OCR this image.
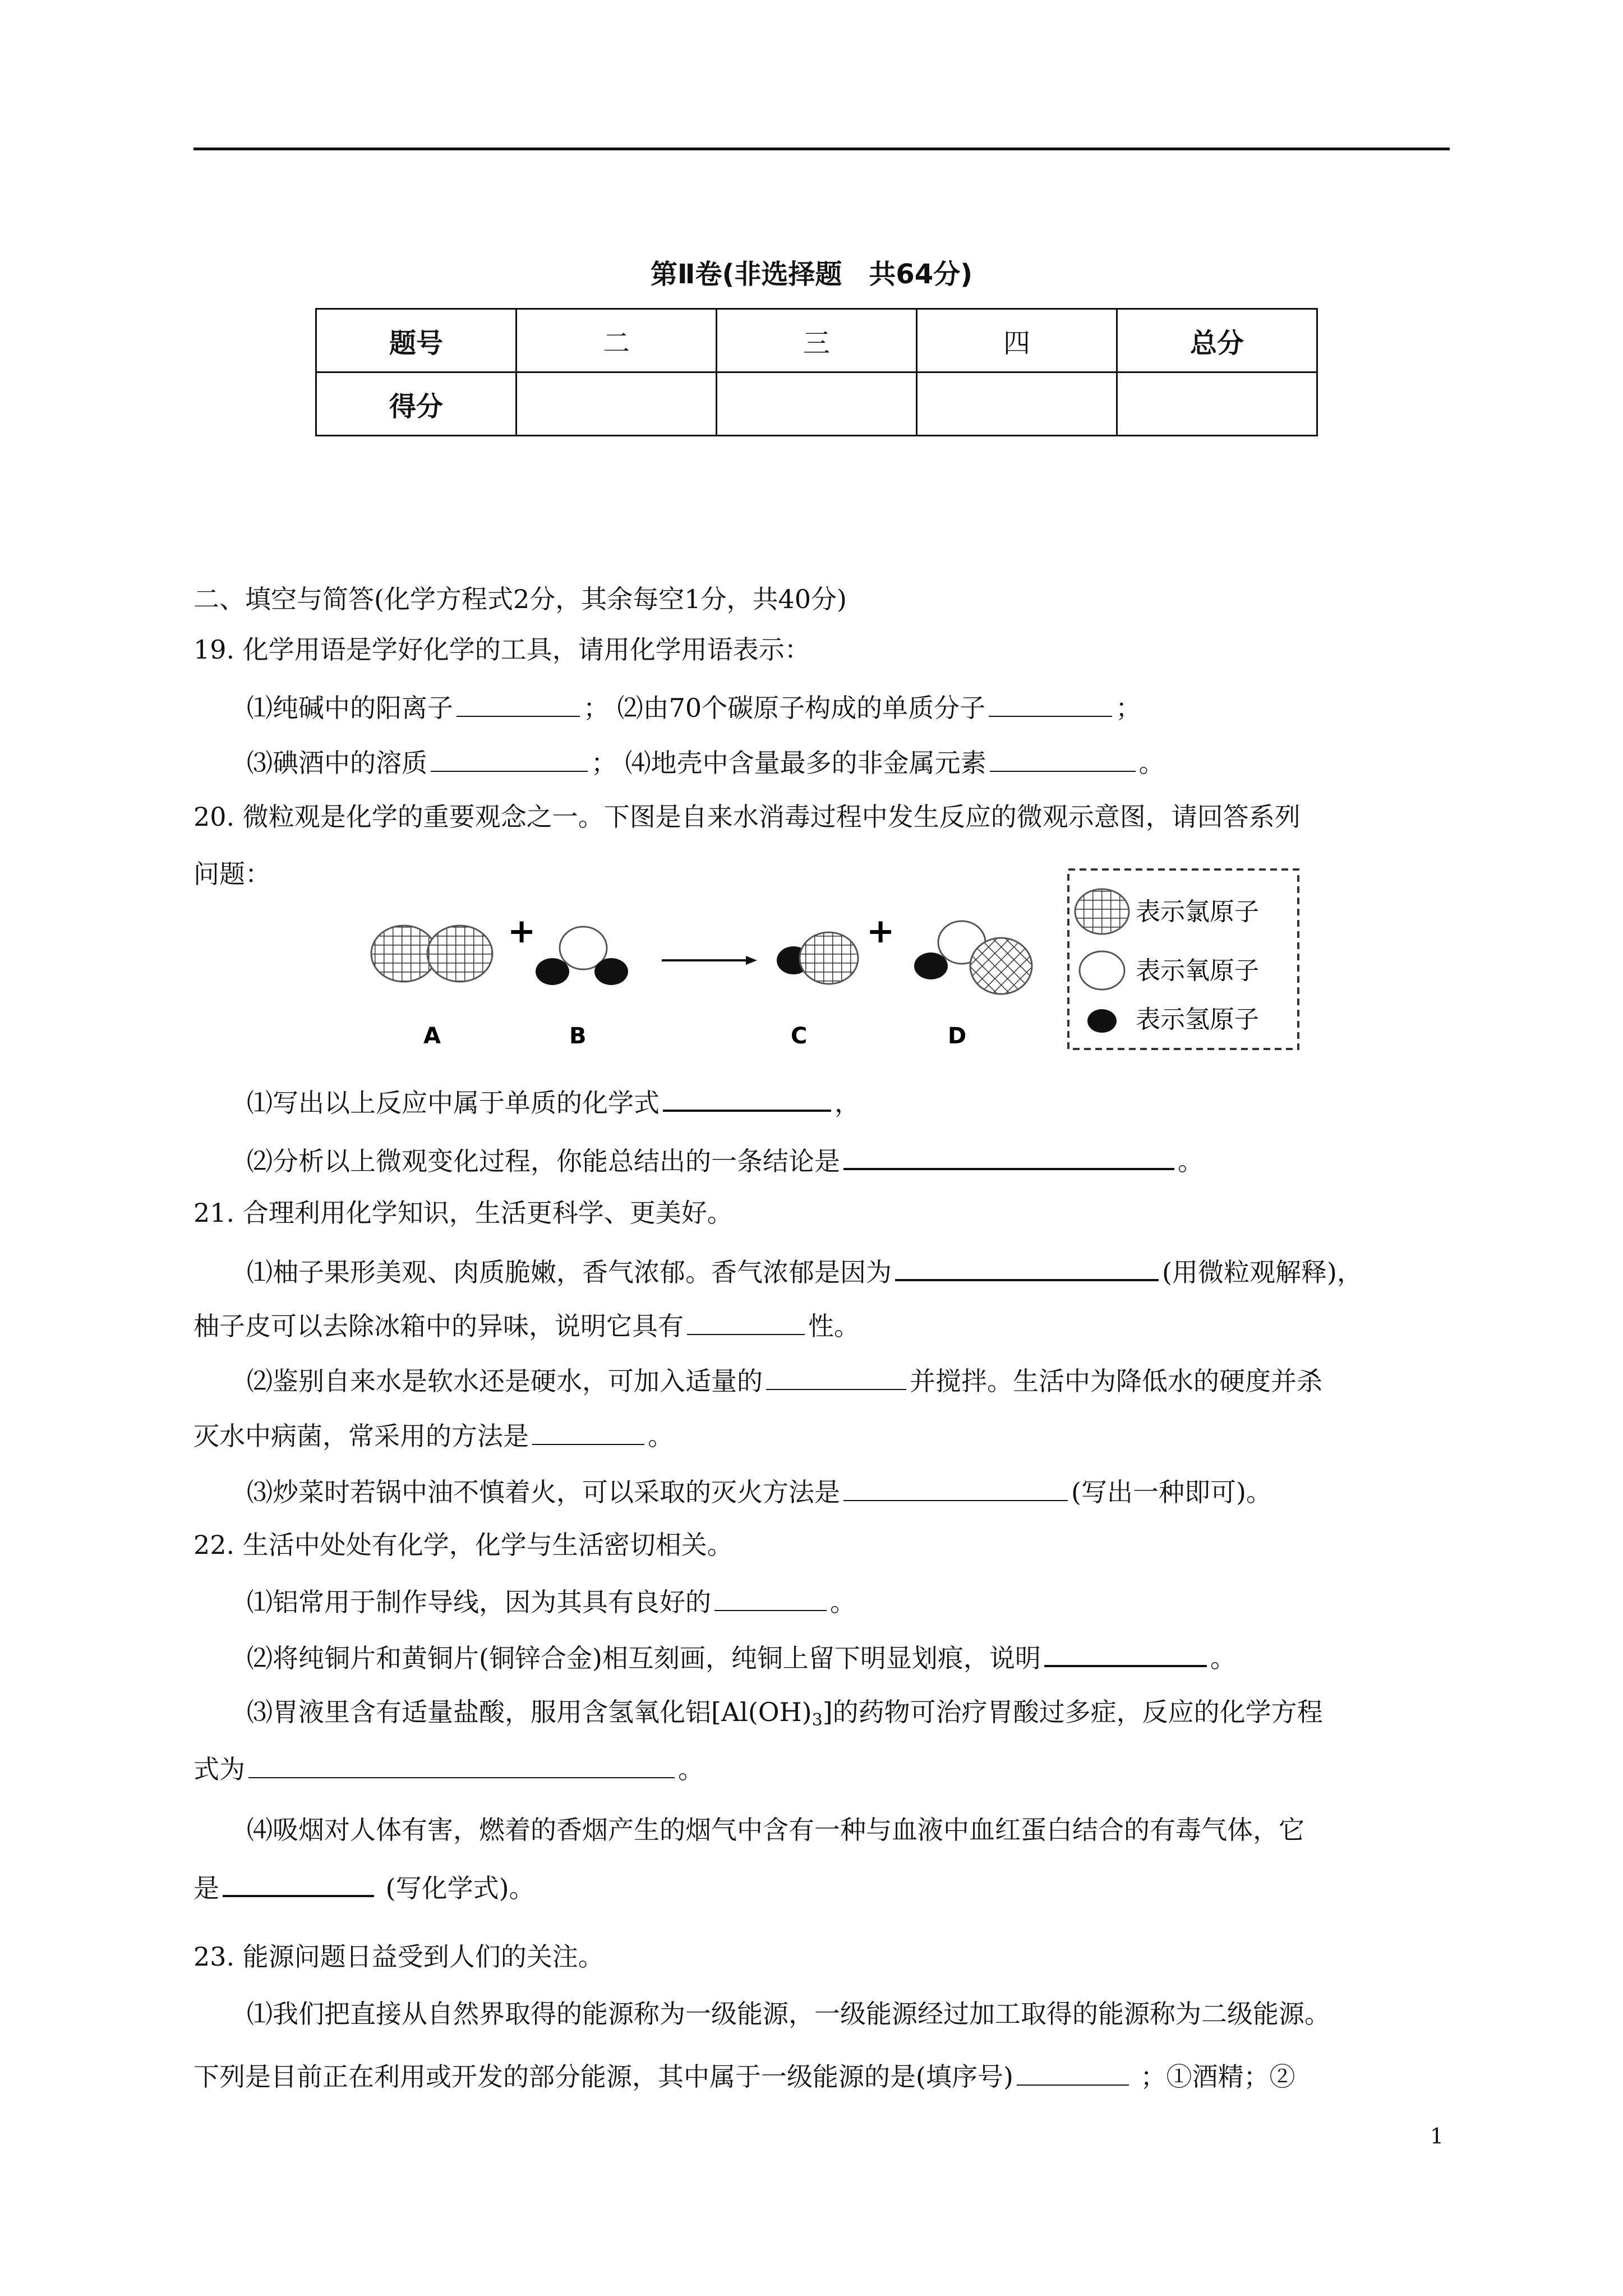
第Ⅱ卷(非选择题　共64分)
题号	二	三	四	总分
得分				
二、填空与简答(化学方程式2分，其余每空1分，共40分)
19. 化学用语是学好化学的工具，请用化学用语表示：
⑴纯碱中的阳离子	； ⑵由70个碳原子构成的单质分子	；
⑶碘酒中的溶质	； ⑷地壳中含量最多的非金属元素	。
20. 微粒观是化学的重要观念之一。下图是自来水消毒过程中发生反应的微观示意图，请回答系列
问题：
+	+
A	B	C	D
表示氯原子
表示氧原子
表示氢原子
⑴写出以上反应中属于单质的化学式	，
⑵分析以上微观变化过程，你能总结出的一条结论是	。
21. 合理利用化学知识，生活更科学、更美好。
⑴柚子果形美观、肉质脆嫩，香气浓郁。香气浓郁是因为	(用微粒观解释)，
柚子皮可以去除冰箱中的异味，说明它具有	性。
⑵鉴别自来水是软水还是硬水，可加入适量的	并搅拌。生活中为降低水的硬度并杀
灭水中病菌，常采用的方法是	。
⑶炒菜时若锅中油不慎着火，可以采取的灭火方法是	(写出一种即可)。
22. 生活中处处有化学，化学与生活密切相关。
⑴铝常用于制作导线，因为其具有良好的	。
⑵将纯铜片和黄铜片(铜锌合金)相互刻画，纯铜上留下明显划痕，说明	。
⑶胃液里含有适量盐酸，服用含氢氧化铝$[Al(OH)_3]$的药物可治疗胃酸过多症，反应的化学方程
式为	。
⑷吸烟对人体有害，燃着的香烟产生的烟气中含有一种与血液中血红蛋白结合的有毒气体，它
是	(写化学式)。
23. 能源问题日益受到人们的关注。
⑴我们把直接从自然界取得的能源称为一级能源，一级能源经过加工取得的能源称为二级能源。
下列是目前正在利用或开发的部分能源，其中属于一级能源的是(填序号)	；①酒精；②
1
